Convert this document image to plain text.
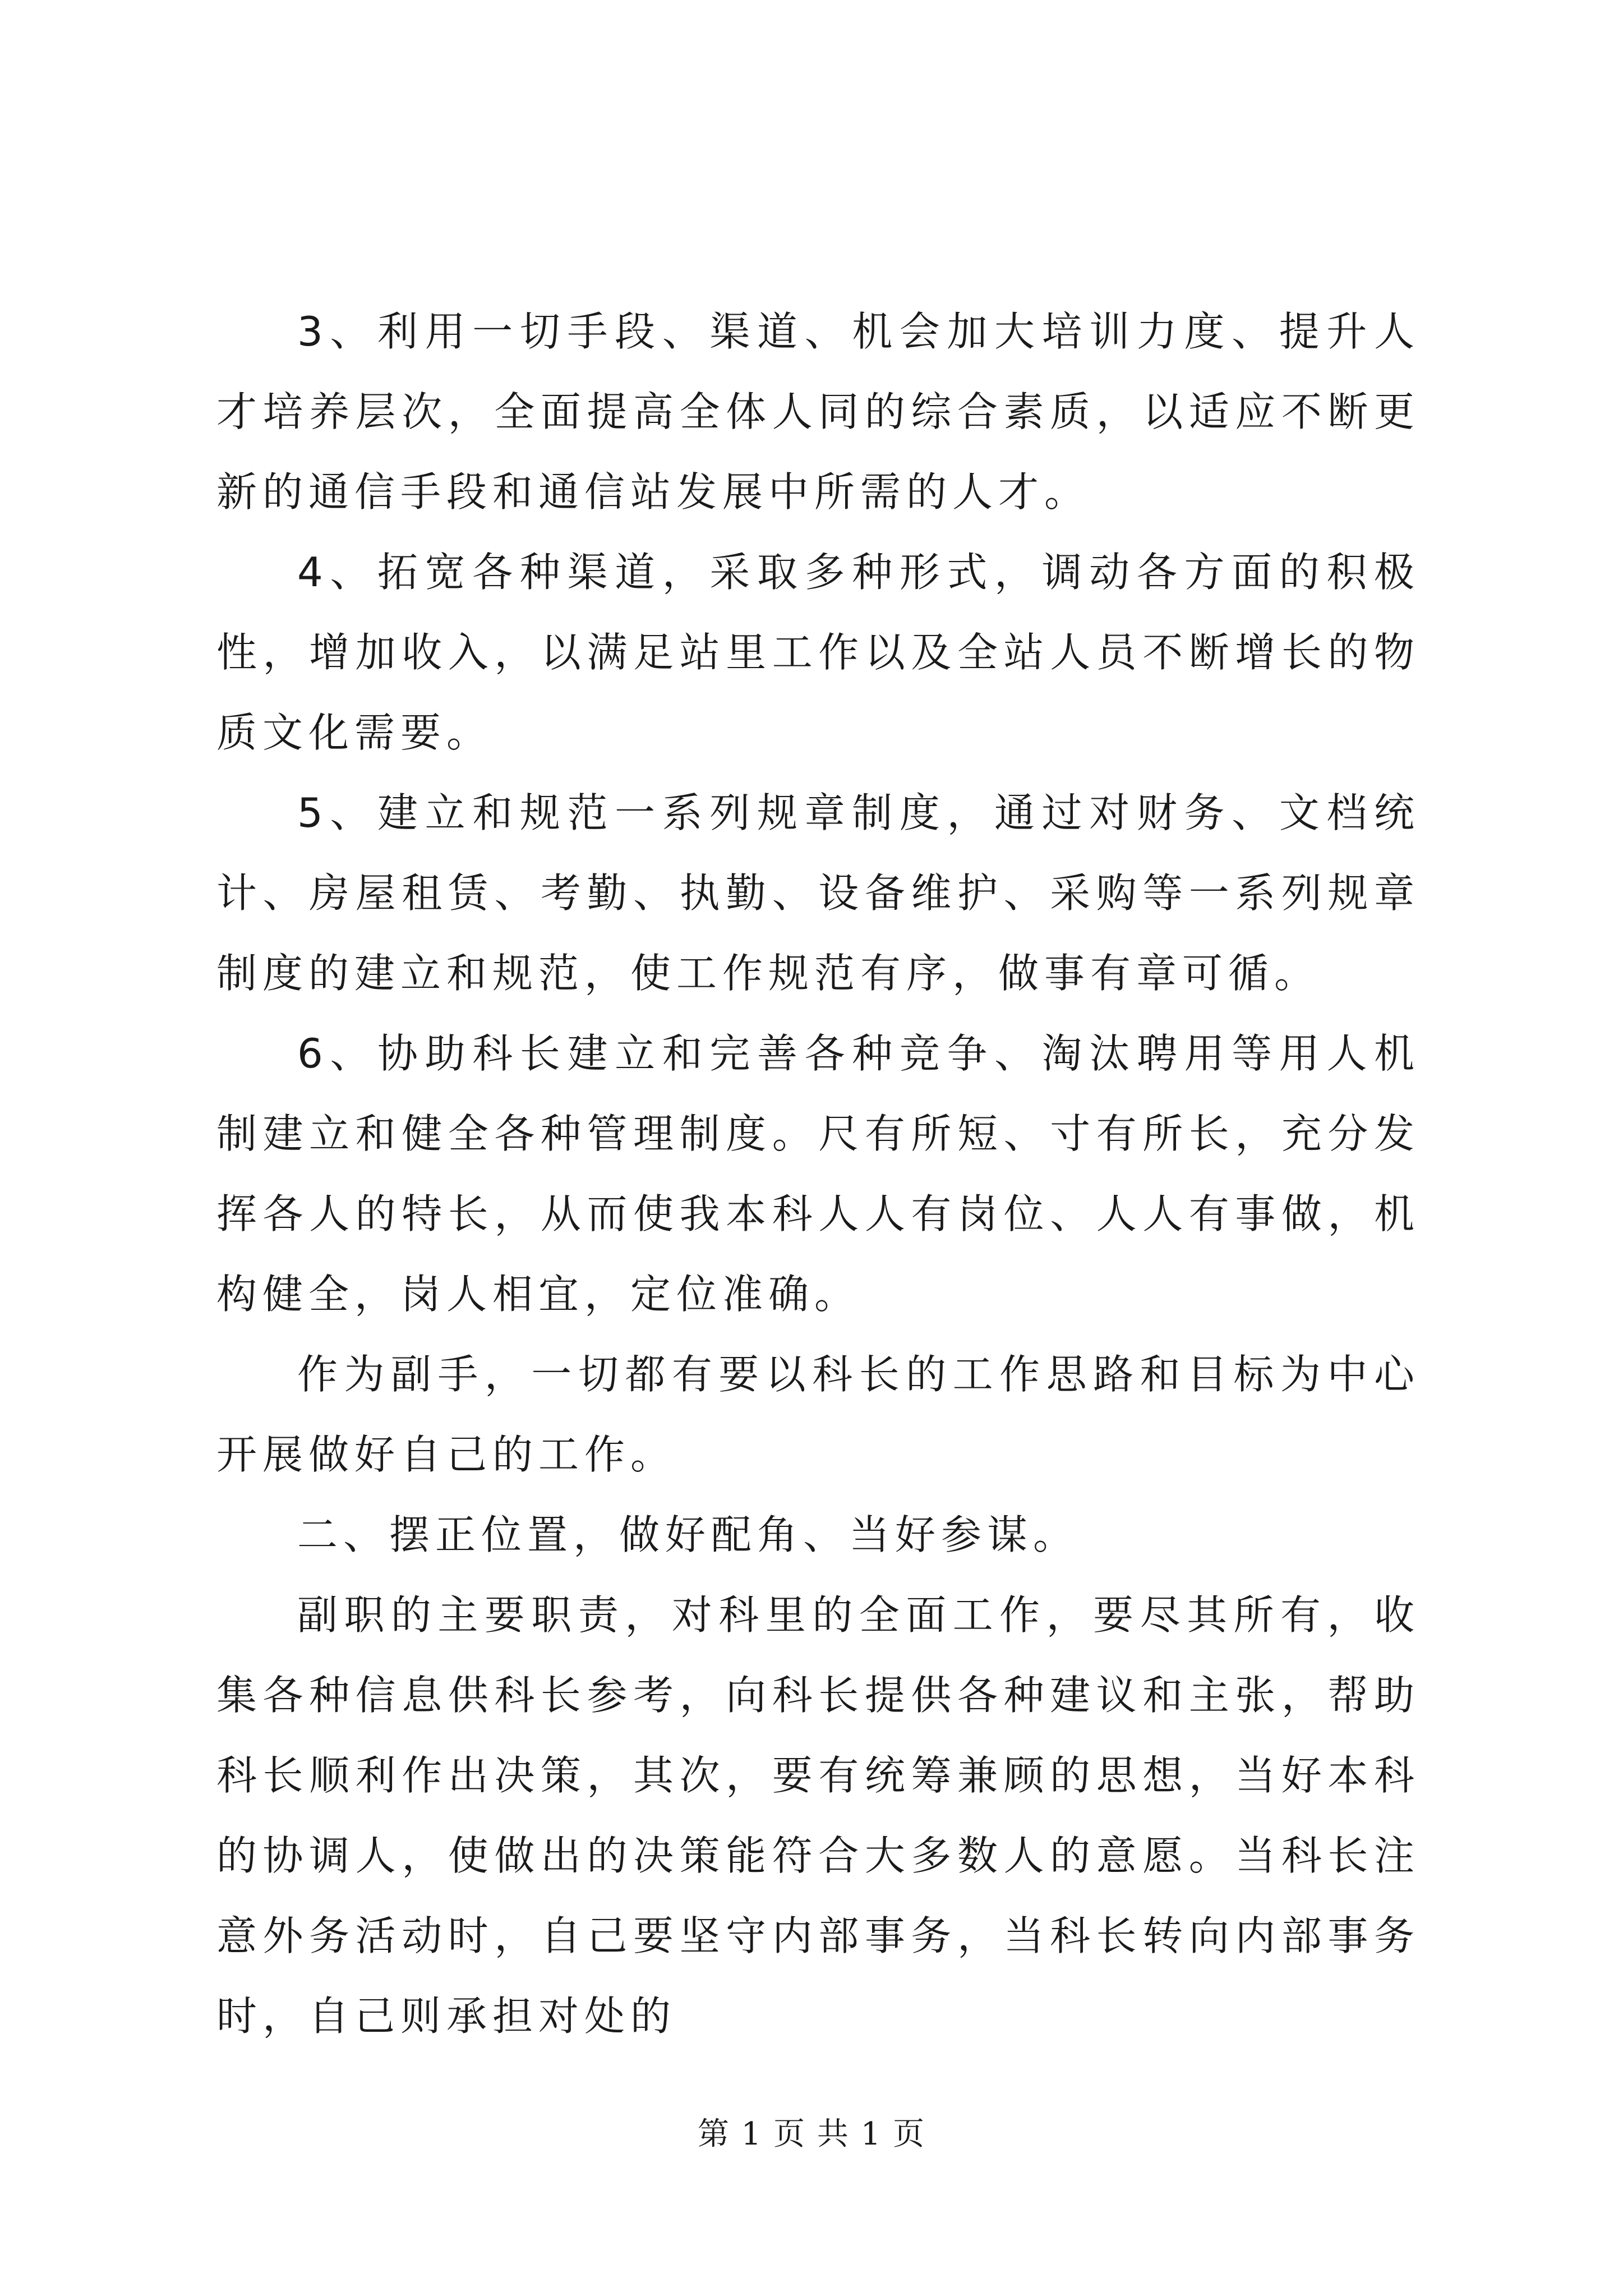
3、利用一切手段、渠道、机会加大培训力度、提升人才培养层次，全面提高全体人同的综合素质，以适应不断更新的通信手段和通信站发展中所需的人才。

4、拓宽各种渠道，采取多种形式，调动各方面的积极性，增加收入，以满足站里工作以及全站人员不断增长的物质文化需要。

5、建立和规范一系列规章制度，通过对财务、文档统计、房屋租赁、考勤、执勤、设备维护、采购等一系列规章制度的建立和规范，使工作规范有序，做事有章可循。

6、协助科长建立和完善各种竞争、淘汰聘用等用人机制建立和健全各种管理制度。尺有所短、寸有所长，充分发挥各人的特长，从而使我本科人人有岗位、人人有事做，机构健全，岗人相宜，定位准确。

作为副手，一切都有要以科长的工作思路和目标为中心开展做好自己的工作。

二、摆正位置，做好配角、当好参谋。

副职的主要职责，对科里的全面工作，要尽其所有，收集各种信息供科长参考，向科长提供各种建议和主张，帮助科长顺利作出决策，其次，要有统筹兼顾的思想，当好本科的协调人，使做出的决策能符合大多数人的意愿。当科长注意外务活动时，自己要坚守内部事务，当科长转向内部事务时，自己则承担对处的

第 1 页 共 1 页
